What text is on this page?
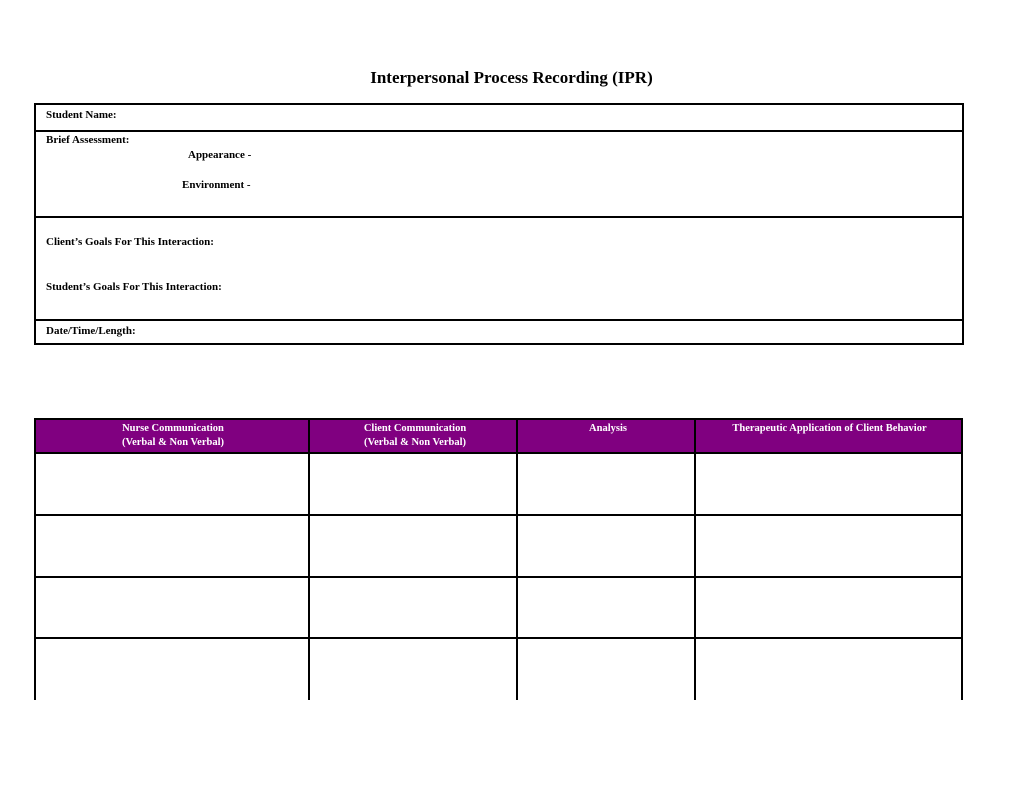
Interpersonal Process Recording (IPR)
Student Name:
Brief Assessment:
Appearance -
Environment -
Client’s Goals For This Interaction:
Student’s Goals For This Interaction:
Date/Time/Length:
Nurse Communication
(Verbal & Non Verbal)
Client Communication
(Verbal & Non Verbal)
Analysis	Therapeutic Application of Client Behavior
